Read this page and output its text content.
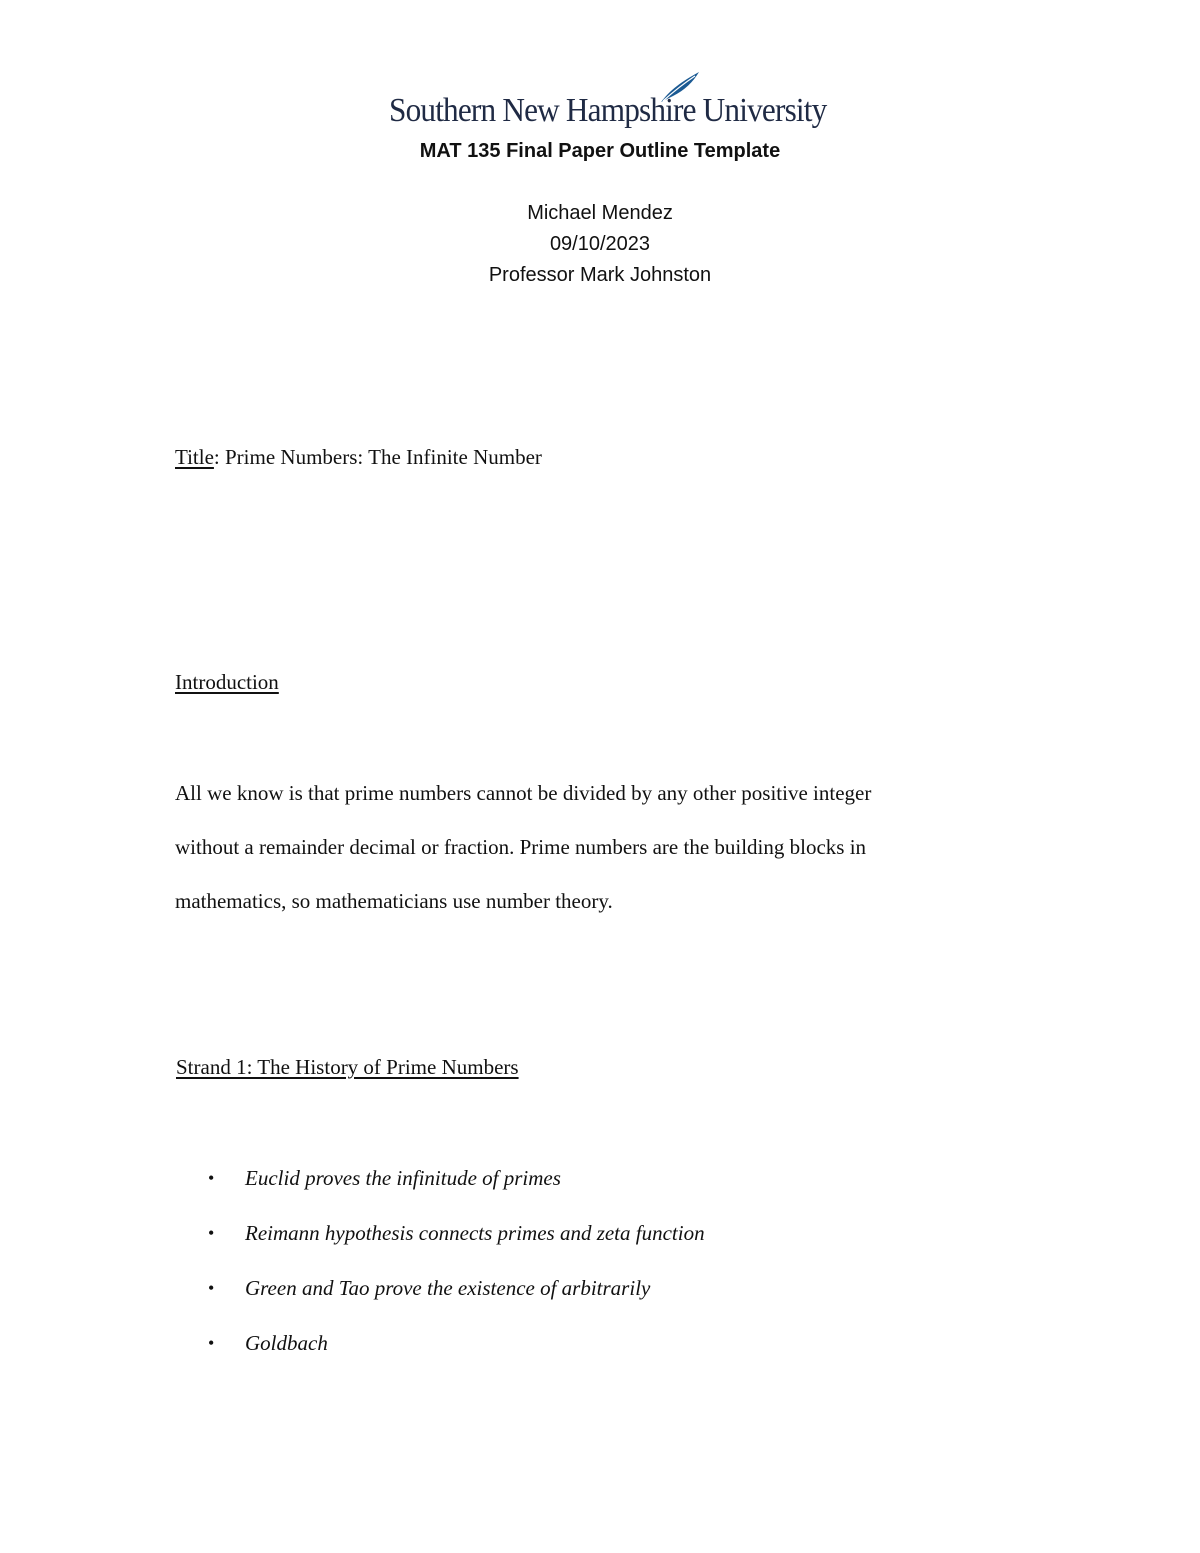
Southern New Hampshire University
MAT 135 Final Paper Outline Template
Michael Mendez
09/10/2023
Professor Mark Johnston
Title: Prime Numbers: The Infinite Number
Introduction
All we know is that prime numbers cannot be divided by any other positive integer
without a remainder decimal or fraction. Prime numbers are the building blocks in
mathematics, so mathematicians use number theory.
Strand 1: The History of Prime Numbers
• Euclid proves the infinitude of primes
• Reimann hypothesis connects primes and zeta function
• Green and Tao prove the existence of arbitrarily
• Goldbach
